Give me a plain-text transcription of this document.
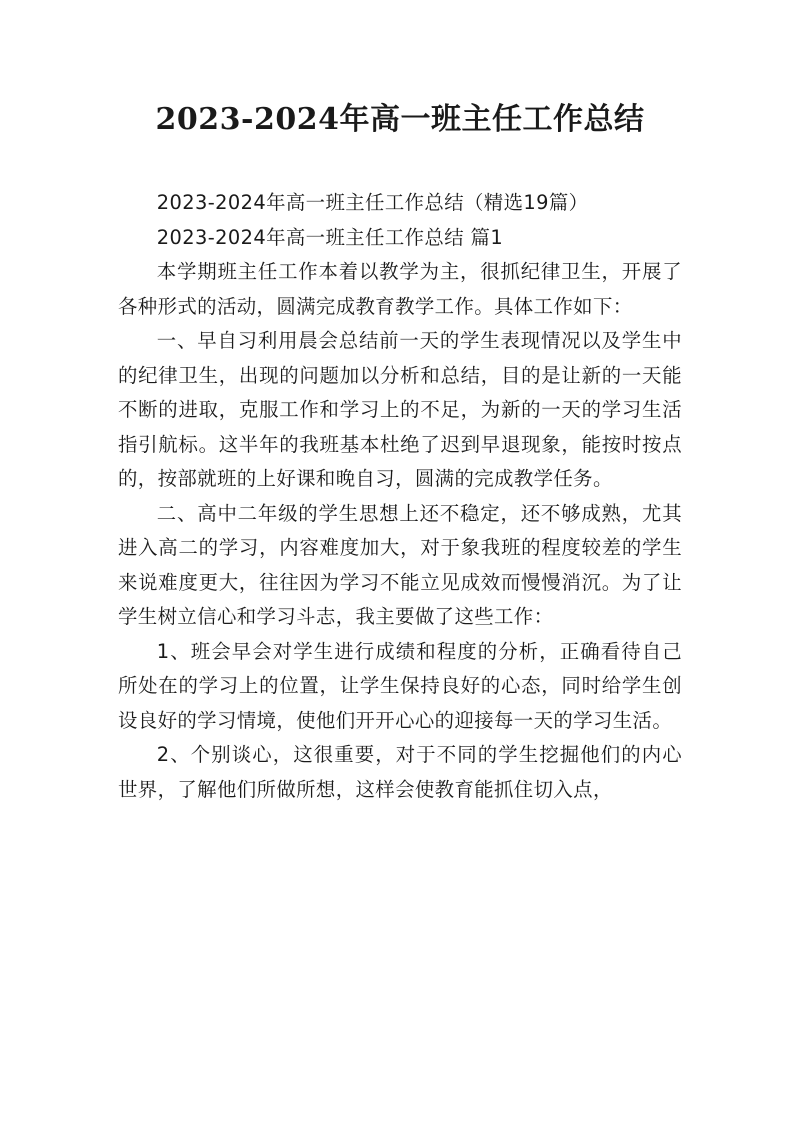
2023-2024年高一班主任工作总结

2023-2024年高一班主任工作总结（精选19篇）

2023-2024年高一班主任工作总结 篇1

本学期班主任工作本着以教学为主，很抓纪律卫生，开展了各种形式的活动，圆满完成教育教学工作。具体工作如下：

一、早自习利用晨会总结前一天的学生表现情况以及学生中的纪律卫生，出现的问题加以分析和总结，目的是让新的一天能不断的进取，克服工作和学习上的不足，为新的一天的学习生活指引航标。这半年的我班基本杜绝了迟到早退现象，能按时按点的，按部就班的上好课和晚自习，圆满的完成教学任务。

二、高中二年级的学生思想上还不稳定，还不够成熟，尤其进入高二的学习，内容难度加大，对于象我班的程度较差的学生来说难度更大，往往因为学习不能立见成效而慢慢消沉。为了让学生树立信心和学习斗志，我主要做了这些工作：

1、班会早会对学生进行成绩和程度的分析，正确看待自己所处在的学习上的位置，让学生保持良好的心态，同时给学生创设良好的学习情境，使他们开开心心的迎接每一天的学习生活。

2、个别谈心，这很重要，对于不同的学生挖掘他们的内心世界，了解他们所做所想，这样会使教育能抓住切入点，
